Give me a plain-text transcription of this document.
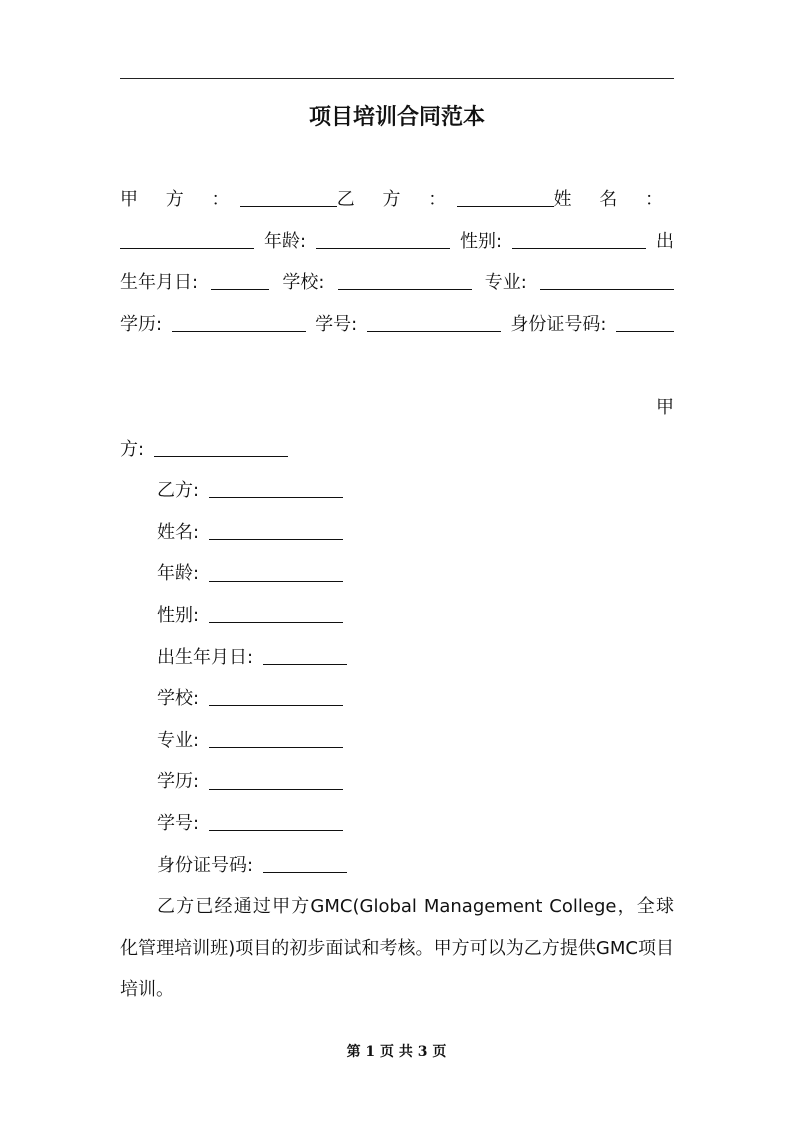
项目培训合同范本
甲 方 ：	乙 方 ：	姓 名 ：
年龄:	性别:	出
生年月日:	学校:	专业:
学历:	学号:	身份证号码:
甲
方:
乙方:
姓名:
年龄:
性别:
出生年月日:
学校:
专业:
学历:
学号:
身份证号码:
乙方已经通过甲方GMC(Global Management College，全球化管理培训班)项目的初步面试和考核。甲方可以为乙方提供GMC项目培训。
第 1 页 共 3 页
